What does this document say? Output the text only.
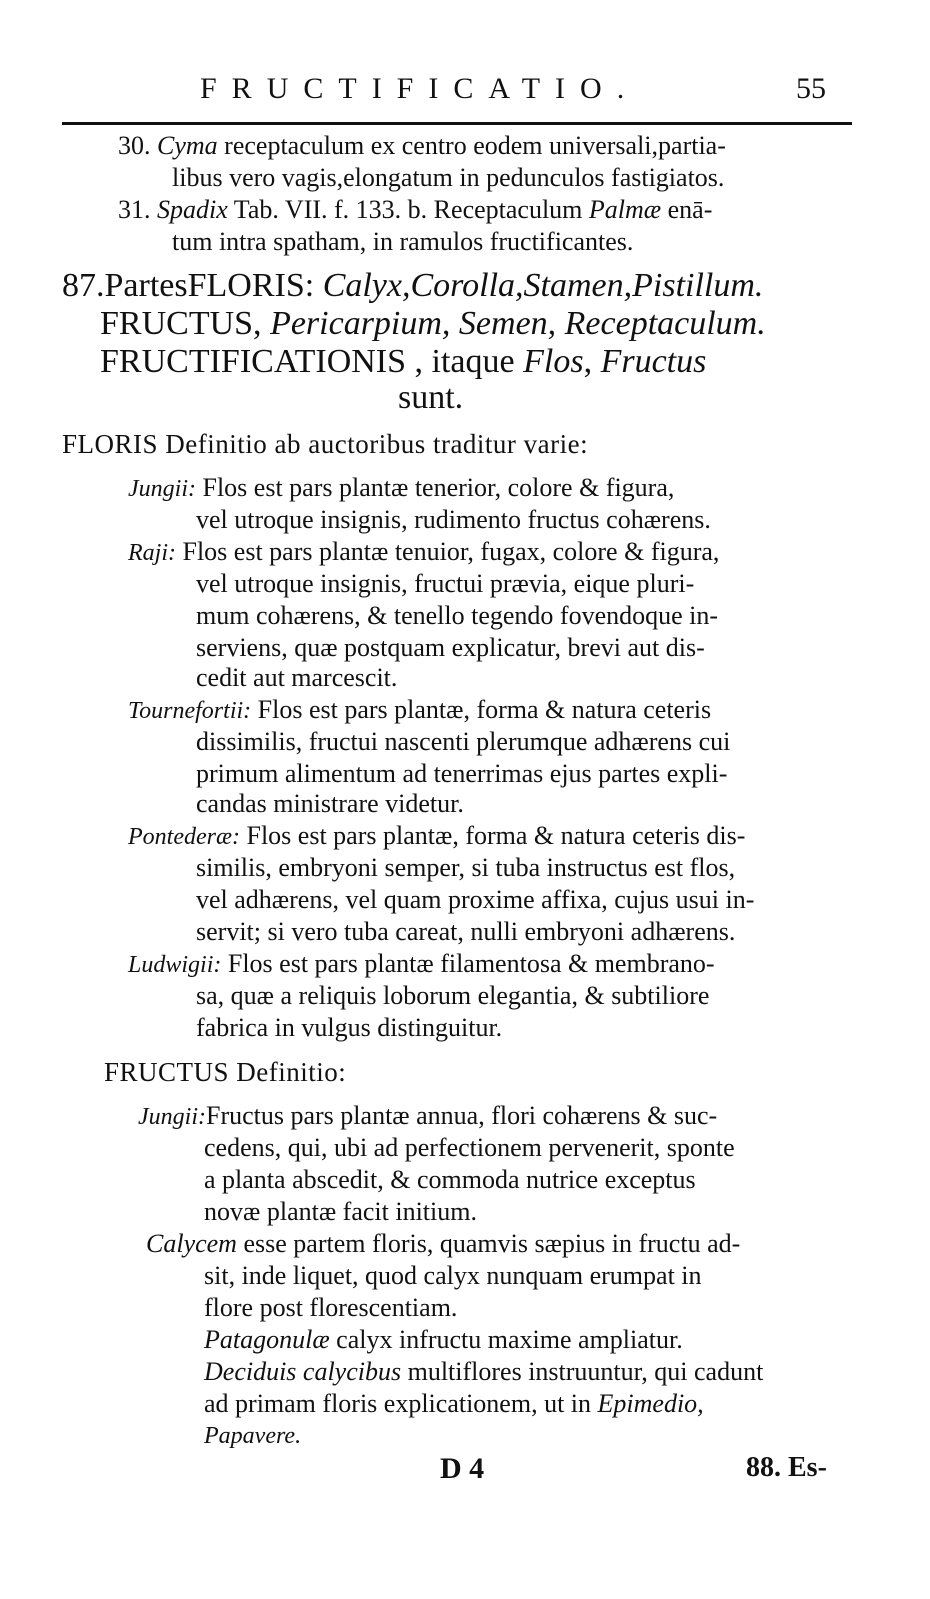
FRUCTIFICATIO.	55
30. Cyma receptaculum ex centro eodem universali,partia-
libus vero vagis,elongatum in pedunculos fastigiatos.
31. Spadix Tab. VII. f. 133. b. Receptaculum Palmæ enā-
tum intra spatham, in ramulos fructificantes.
87.PartesFLORIS: Calyx,Corolla,Stamen,Pistillum.
FRUCTUS, Pericarpium, Semen, Receptaculum.
FRUCTIFICATIONIS , itaque Flos, Fructus
sunt.
FLORIS Definitio ab auctoribus traditur varie:
Jungii: Flos est pars plantæ tenerior, colore & figura,
vel utroque insignis, rudimento fructus cohærens.
Raji: Flos est pars plantæ tenuior, fugax, colore & figura,
vel utroque insignis, fructui prævia, eique pluri-
mum cohærens, & tenello tegendo fovendoque in-
serviens, quæ postquam explicatur, brevi aut dis-
cedit aut marcescit.
Tournefortii: Flos est pars plantæ, forma & natura ceteris
dissimilis, fructui nascenti plerumque adhærens cui
primum alimentum ad tenerrimas ejus partes expli-
candas ministrare videtur.
Pontederæ: Flos est pars plantæ, forma & natura ceteris dis-
similis, embryoni semper, si tuba instructus est flos,
vel adhærens, vel quam proxime affixa, cujus usui in-
servit; si vero tuba careat, nulli embryoni adhærens.
Ludwigii: Flos est pars plantæ filamentosa & membrano-
sa, quæ a reliquis loborum elegantia, & subtiliore
fabrica in vulgus distinguitur.
FRUCTUS Definitio:
Jungii:Fructus pars plantæ annua, flori cohærens & suc-
cedens, qui, ubi ad perfectionem pervenerit, sponte
a planta abscedit, & commoda nutrice exceptus
novæ plantæ facit initium.
Calycem esse partem floris, quamvis sæpius in fructu ad-
sit, inde liquet, quod calyx nunquam erumpat in
flore post florescentiam.
Patagonulæ calyx infructu maxime ampliatur.
Deciduis calycibus multiflores instruuntur, qui cadunt
ad primam floris explicationem, ut in Epimedio,
Papavere.
D 4	88. Es-
